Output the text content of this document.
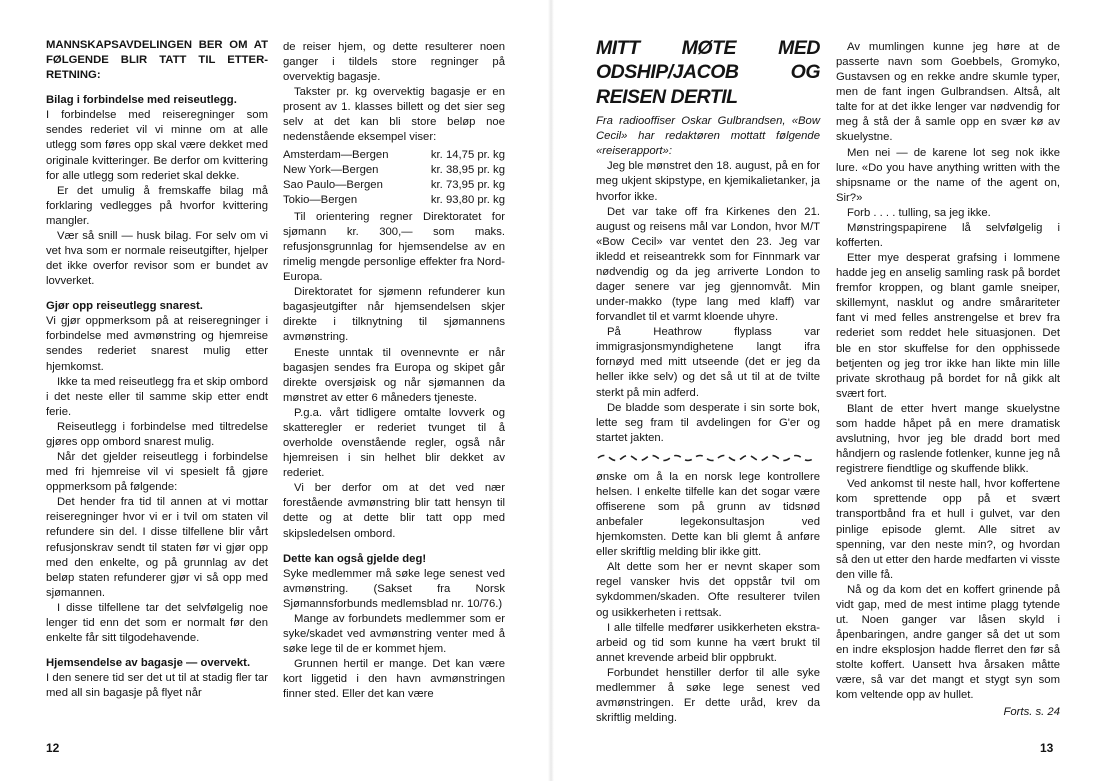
MANNSKAPSAVDELINGEN BER OM AT FØLGENDE BLIR TATT TIL ETTER-RETNING:
Bilag i forbindelse med reiseutlegg.

I forbindelse med reiseregninger som sendes rederiet vil vi minne om at alle utlegg som føres opp skal være dekket med originale kvitteringer. Be derfor om kvittering for alle utlegg som rederiet skal dekke.

Er det umulig å fremskaffe bilag må forklaring vedlegges på hvorfor kvittering mangler.

Vær så snill — husk bilag. For selv om vi vet hva som er normale reiseutgifter, hjelper det ikke overfor revisor som er bundet av lovverket.

Gjør opp reiseutlegg snarest.

Vi gjør oppmerksom på at reiseregninger i forbindelse med avmønstring og hjemreise sendes rederiet snarest mulig etter hjemkomst.

Ikke ta med reiseutlegg fra et skip ombord i det neste eller til samme skip etter endt ferie.

Reiseutlegg i forbindelse med tiltredelse gjøres opp ombord snarest mulig.

Når det gjelder reiseutlegg i forbindelse med fri hjemreise vil vi spesielt få gjøre oppmerksom på følgende:

Det hender fra tid til annen at vi mottar reiseregninger hvor vi er i tvil om staten vil refundere sin del. I disse tilfellene blir vårt refusjonskrav sendt til staten før vi gjør opp med den enkelte, og på grunnlag av det beløp staten refunderer gjør vi så opp med sjømannen.

I disse tilfellene tar det selvfølgelig noe lenger tid enn det som er normalt før den enkelte får sitt tilgodehavende.

Hjemsendelse av bagasje — overvekt.

I den senere tid ser det ut til at stadig fler tar med all sin bagasje på flyet når

de reiser hjem, og dette resulterer noen ganger i tildels store regninger på overvektig bagasje.

Takster pr. kg overvektig bagasje er en prosent av 1. klasses billett og det sier seg selv at det kan bli store beløp noe nedenstående eksempel viser:

Amsterdam—Bergen	kr. 14,75 pr. kg
New York—Bergen	kr. 38,95 pr. kg
Sao Paulo—Bergen	kr. 73,95 pr. kg
Tokio—Bergen	kr. 93,80 pr. kg

Til orientering regner Direktoratet for sjømann kr. 300,— som maks. refusjonsgrunnlag for hjemsendelse av en rimelig mengde personlige effekter fra Nord-Europa.

Direktoratet for sjømenn refunderer kun bagasjeutgifter når hjemsendelsen skjer direkte i tilknytning til sjømannens avmønstring.

Eneste unntak til ovennevnte er når bagasjen sendes fra Europa og skipet går direkte oversjøisk og når sjømannen da mønstret av etter 6 måneders tjeneste.

P.g.a. vårt tidligere omtalte lovverk og skatteregler er rederiet tvunget til å overholde ovenstående regler, også når hjemreisen i sin helhet blir dekket av rederiet.

Vi ber derfor om at det ved nær forestående avmønstring blir tatt hensyn til dette og at dette blir tatt opp med skipsledelsen ombord.

Dette kan også gjelde deg!

Syke medlemmer må søke lege senest ved avmønstring. (Sakset fra Norsk Sjømannsforbunds medlemsblad nr. 10/76.)

Mange av forbundets medlemmer som er syke/skadet ved avmønstring venter med å søke lege til de er kommet hjem.

Grunnen hertil er mange. Det kan være kort liggetid i den havn avmønstringen finner sted. Eller det kan være

12
MITT MØTE MED ODSHIP/JACOB OG REISEN DERTIL

Fra radiooffiser Oskar Gulbrandsen, «Bow Cecil» har redaktøren mottatt følgende «reiserapport»:

Jeg ble mønstret den 18. august, på en for meg ukjent skipstype, en kjemikalietanker, ja hvorfor ikke.

Det var take off fra Kirkenes den 21. august og reisens mål var London, hvor M/T «Bow Cecil» var ventet den 23. Jeg var ikledd et reiseantrekk som for Finnmark var nødvendig og da jeg arriverte London to dager senere var jeg gjennomvåt. Min under-makko (type lang med klaff) var forvandlet til et varmt kloende uhyre.

På Heathrow flyplass var immigrasjonsmyndighetene langt ifra fornøyd med mitt utseende (det er jeg da heller ikke selv) og det så ut til at de tvilte sterkt på min adferd.

De bladde som desperate i sin sorte bok, lette seg fram til avdelingen for G'er og startet jakten.

ønske om å la en norsk lege kontrollere helsen. I enkelte tilfelle kan det sogar være offiserene som på grunn av tidsnød anbefaler legekonsultasjon ved hjemkomsten. Dette kan bli glemt å anføre eller skriftlig melding blir ikke gitt.

Alt dette som her er nevnt skaper som regel vansker hvis det oppstår tvil om sykdommen/skaden. Ofte resulterer tvilen og usikkerheten i rettsak.

I alle tilfelle medfører usikkerheten ekstra-arbeid og tid som kunne ha vært brukt til annet krevende arbeid blir oppbrukt.

Forbundet henstiller derfor til alle syke medlemmer å søke lege senest ved avmønstringen. Er dette uråd, krev da skriftlig melding.

Av mumlingen kunne jeg høre at de passerte navn som Goebbels, Gromyko, Gustavsen og en rekke andre skumle typer, men de fant ingen Gulbrandsen. Altså, alt talte for at det ikke lenger var nødvendig for meg å stå der å samle opp en svær kø av skuelystne.

Men nei — de karene lot seg nok ikke lure. «Do you have anything written with the shipsname or the name of the agent on, Sir?»

Forb . . . . tulling, sa jeg ikke.

Mønstringspapirene lå selvfølgelig i kofferten.

Etter mye desperat grafsing i lommene hadde jeg en anselig samling rask på bordet fremfor kroppen, og blant gamle sneiper, skillemynt, nasklut og andre smårariteter fant vi med felles anstrengelse et brev fra rederiet som reddet hele situasjonen. Det ble en stor skuffelse for den opphissede betjenten og jeg tror ikke han likte min lille private skrothaug på bordet for nå gikk alt svært fort.

Blant de etter hvert mange skuelystne som hadde håpet på en mere dramatisk avslutning, hvor jeg ble dradd bort med håndjern og raslende fotlenker, kunne jeg nå registrere fiendtlige og skuffende blikk.

Ved ankomst til neste hall, hvor koffertene kom sprettende opp på et svært transportbånd fra et hull i gulvet, var den pinlige episode glemt. Alle sitret av spenning, var den neste min?, og hvordan så den ut etter den harde medfarten vi visste den ville få.

Nå og da kom det en koffert grinende på vidt gap, med de mest intime plagg tytende ut. Noen ganger var låsen skyld i åpenbaringen, andre ganger så det ut som en indre eksplosjon hadde flerret den før så stolte koffert. Uansett hva årsaken måtte være, så var det mangt et stygt syn som kom veltende opp av hullet.

Forts. s. 24
13
